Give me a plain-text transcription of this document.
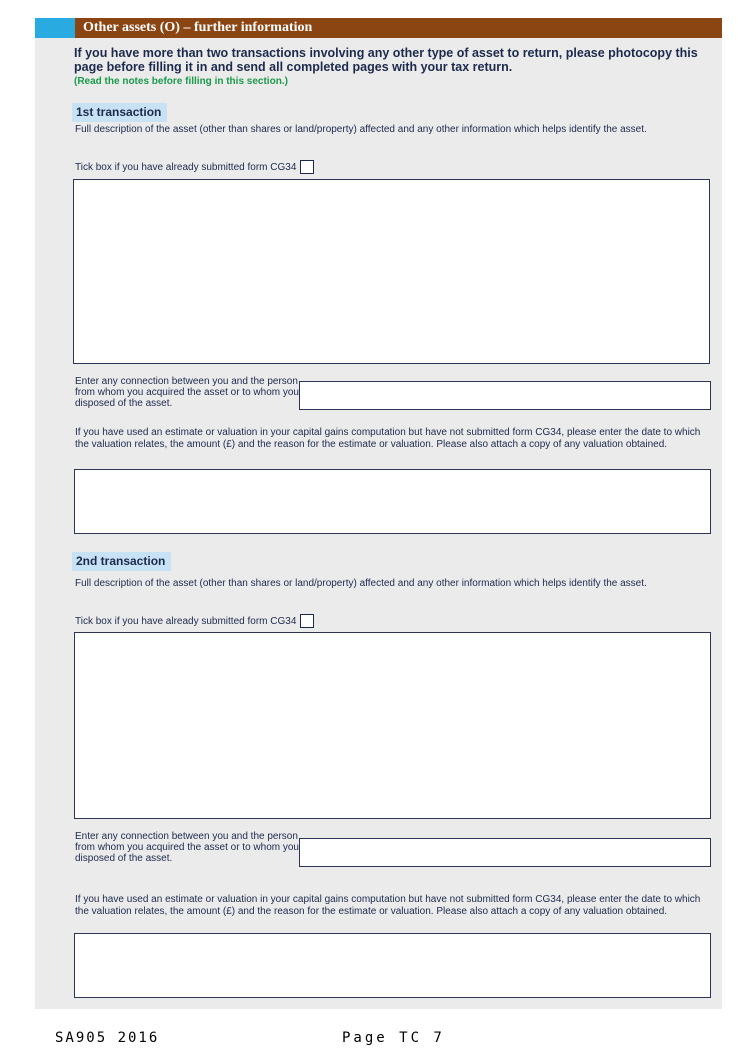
Other assets (O) – further information
If you have more than two transactions involving any other type of asset to return, please photocopy this page before filling it in and send all completed pages with your tax return.
(Read the notes before filling in this section.)
1st transaction
Full description of the asset (other than shares or land/property) affected and any other information which helps identify the asset.
Tick box if you have already submitted form CG34
Enter any connection between you and the person from whom you acquired the asset or to whom you disposed of the asset.
If you have used an estimate or valuation in your capital gains computation but have not submitted form CG34, please enter the date to which the valuation relates, the amount (£) and the reason for the estimate or valuation. Please also attach a copy of any valuation obtained.
2nd transaction
Full description of the asset (other than shares or land/property) affected and any other information which helps identify the asset.
Tick box if you have already submitted form CG34
Enter any connection between you and the person from whom you acquired the asset or to whom you disposed of the asset.
If you have used an estimate or valuation in your capital gains computation but have not submitted form CG34, please enter the date to which the valuation relates, the amount (£) and the reason for the estimate or valuation. Please also attach a copy of any valuation obtained.
SA905 2016	Page TC 7
